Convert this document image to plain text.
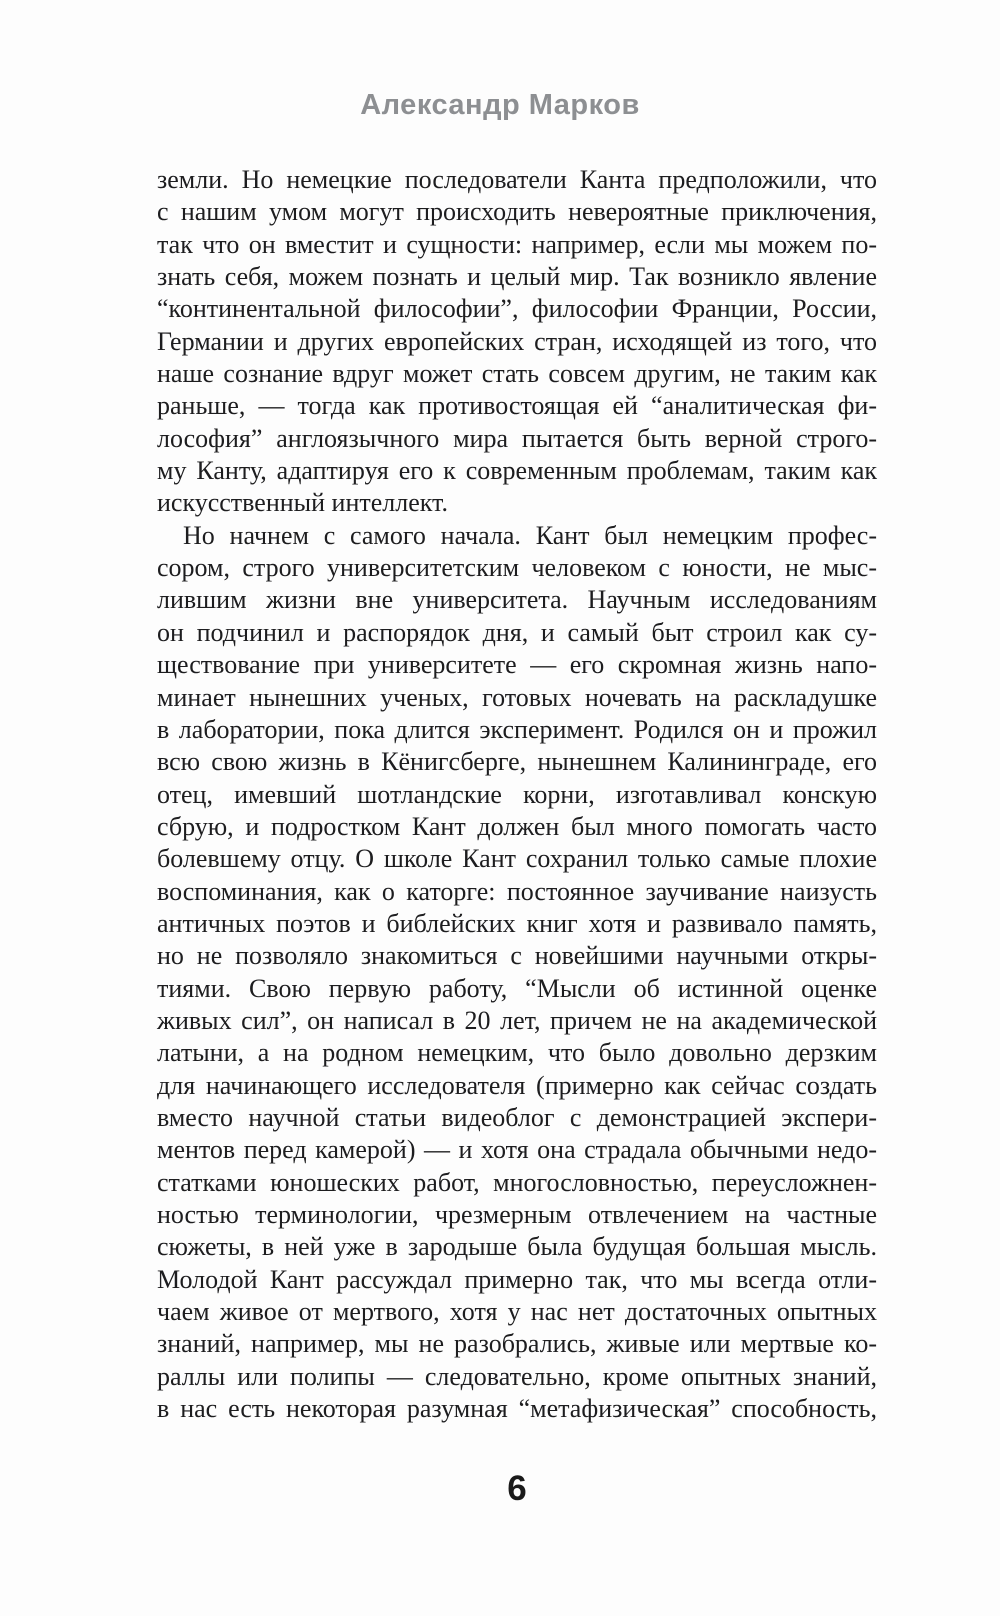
Александр Марков
земли. Но немецкие последователи Канта предположили, что
с нашим умом могут происходить невероятные приключения,
так что он вместит и сущности: например, если мы можем по-
знать себя, можем познать и целый мир. Так возникло явление
“континентальной философии”, философии Франции, России,
Германии и других европейских стран, исходящей из того, что
наше сознание вдруг может стать совсем другим, не таким как
раньше, — тогда как противостоящая ей “аналитическая фи-
лософия” англоязычного мира пытается быть верной строго-
му Канту, адаптируя его к современным проблемам, таким как
искусственный интеллект.
Но начнем с самого начала. Кант был немецким профес-
сором, строго университетским человеком с юности, не мыс-
лившим жизни вне университета. Научным исследованиям
он подчинил и распорядок дня, и самый быт строил как су-
ществование при университете — его скромная жизнь напо-
минает нынешних ученых, готовых ночевать на раскладушке
в лаборатории, пока длится эксперимент. Родился он и прожил
всю свою жизнь в Кёнигсберге, нынешнем Калининграде, его
отец, имевший шотландские корни, изготавливал конскую
сбрую, и подростком Кант должен был много помогать часто
болевшему отцу. О школе Кант сохранил только самые плохие
воспоминания, как о каторге: постоянное заучивание наизусть
античных поэтов и библейских книг хотя и развивало память,
но не позволяло знакомиться с новейшими научными откры-
тиями. Свою первую работу, “Мысли об истинной оценке
живых сил”, он написал в 20 лет, причем не на академической
латыни, а на родном немецким, что было довольно дерзким
для начинающего исследователя (примерно как сейчас создать
вместо научной статьи видеоблог с демонстрацией экспери-
ментов перед камерой) — и хотя она страдала обычными недо-
статками юношеских работ, многословностью, переусложнен-
ностью терминологии, чрезмерным отвлечением на частные
сюжеты, в ней уже в зародыше была будущая большая мысль.
Молодой Кант рассуждал примерно так, что мы всегда отли-
чаем живое от мертвого, хотя у нас нет достаточных опытных
знаний, например, мы не разобрались, живые или мертвые ко-
раллы или полипы — следовательно, кроме опытных знаний,
в нас есть некоторая разумная “метафизическая” способность,
6
